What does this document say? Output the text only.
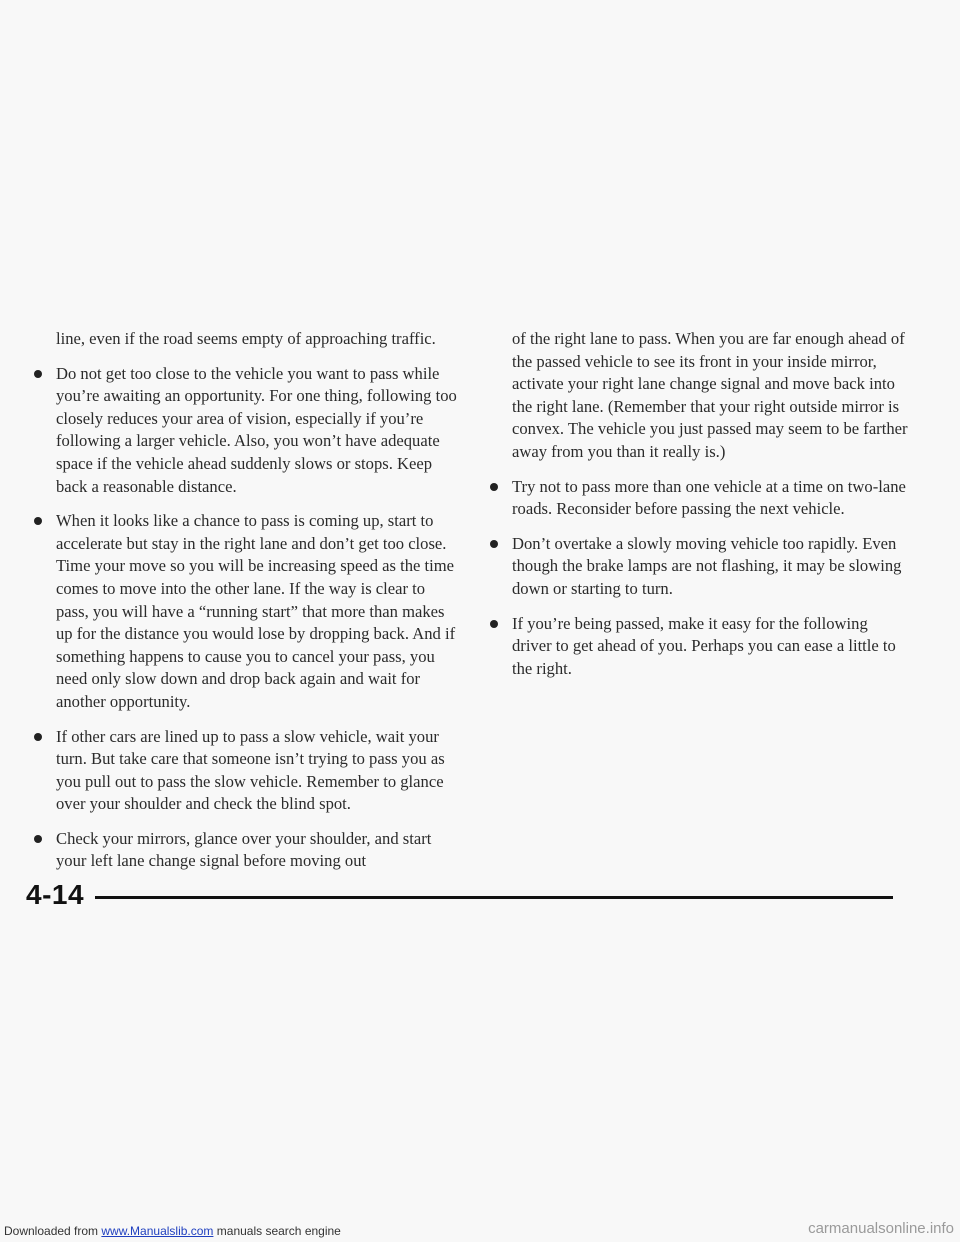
line, even if the road seems empty of approaching traffic.
Do not get too close to the vehicle you want to pass while you’re awaiting an opportunity. For one thing, following too closely reduces your area of vision, especially if you’re following a larger vehicle. Also, you won’t have adequate space if the vehicle ahead suddenly slows or stops. Keep back a reasonable distance.
When it looks like a chance to pass is coming up, start to accelerate but stay in the right lane and don’t get too close. Time your move so you will be increasing speed as the time comes to move into the other lane. If the way is clear to pass, you will have a “running start” that more than makes up for the distance you would lose by dropping back. And if something happens to cause you to cancel your pass, you need only slow down and drop back again and wait for another opportunity.
If other cars are lined up to pass a slow vehicle, wait your turn. But take care that someone isn’t trying to pass you as you pull out to pass the slow vehicle. Remember to glance over your shoulder and check the blind spot.
Check your mirrors, glance over your shoulder, and start your left lane change signal before moving out
of the right lane to pass. When you are far enough ahead of the passed vehicle to see its front in your inside mirror, activate your right lane change signal and move back into the right lane. (Remember that your right outside mirror is convex. The vehicle you just passed may seem to be farther away from you than it really is.)
Try not to pass more than one vehicle at a time on two-lane roads. Reconsider before passing the next vehicle.
Don’t overtake a slowly moving vehicle too rapidly. Even though the brake lamps are not flashing, it may be slowing down or starting to turn.
If you’re being passed, make it easy for the following driver to get ahead of you. Perhaps you can ease a little to the right.
4-14
Downloaded from www.Manualslib.com manuals search engine	carmanualsonline.info
